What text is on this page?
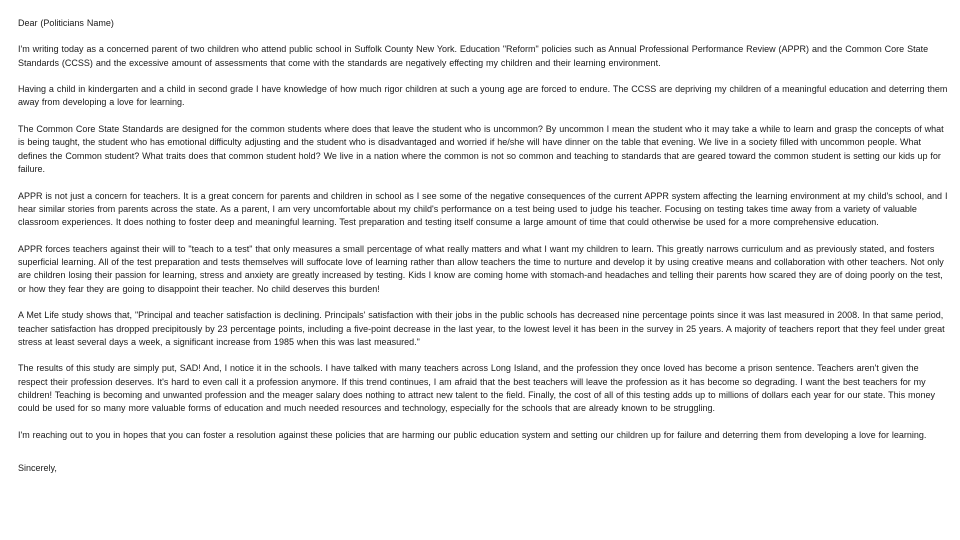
Dear (Politicians Name)

I'm writing today as a concerned parent of two children who attend public school in Suffolk County New York. Education "Reform" policies such as Annual Professional Performance Review (APPR) and the Common Core State Standards (CCSS) and the excessive amount of assessments that come with the standards are negatively effecting my children and their learning environment.

Having a child in kindergarten and a child in second grade I have knowledge of how much rigor children at such a young age are forced to endure. The CCSS are depriving my children of a meaningful education and deterring them away from developing a love for learning.

The Common Core State Standards are designed for the common students where does that leave the student who is uncommon? By uncommon I mean the student who it may take a while to learn and grasp the concepts of what is being taught, the student who has emotional difficulty adjusting and the student who is disadvantaged and worried if he/she will have dinner on the table that evening. We live in a society filled with uncommon people. What defines the Common student? What traits does that common student hold? We live in a nation where the common is not so common and teaching to standards that are geared toward the common student is setting our kids up for failure.

APPR is not just a concern for teachers. It is a great concern for parents and children in school as I see some of the negative consequences of the current APPR system affecting the learning environment at my child's school, and I hear similar stories from parents across the state. As a parent, I am very uncomfortable about my child's performance on a test being used to judge his teacher. Focusing on testing takes time away from a variety of valuable classroom experiences. It does nothing to foster deep and meaningful learning. Test preparation and testing itself consume a large amount of time that could otherwise be used for a more comprehensive education.

APPR forces teachers against their will to "teach to a test" that only measures a small percentage of what really matters and what I want my children to learn. This greatly narrows curriculum and as previously stated, and fosters superficial learning. All of the test preparation and tests themselves will suffocate love of learning rather than allow teachers the time to nurture and develop it by using creative means and collaboration with other teachers. Not only are children losing their passion for learning, stress and anxiety are greatly increased by testing. Kids I know are coming home with stomach-and headaches and telling their parents how scared they are of doing poorly on the test, or how they fear they are going to disappoint their teacher. No child deserves this burden!

A Met Life study shows that, "Principal and teacher satisfaction is declining. Principals' satisfaction with their jobs in the public schools has decreased nine percentage points since it was last measured in 2008. In that same period, teacher satisfaction has dropped precipitously by 23 percentage points, including a five-point decrease in the last year, to the lowest level it has been in the survey in 25 years. A majority of teachers report that they feel under great stress at least several days a week, a significant increase from 1985 when this was last measured."

The results of this study are simply put, SAD! And, I notice it in the schools. I have talked with many teachers across Long Island, and the profession they once loved has become a prison sentence. Teachers aren't given the respect their profession deserves. It's hard to even call it a profession anymore. If this trend continues, I am afraid that the best teachers will leave the profession as it has become so degrading. I want the best teachers for my children! Teaching is becoming and unwanted profession and the meager salary does nothing to attract new talent to the field. Finally, the cost of all of this testing adds up to millions of dollars each year for our state. This money could be used for so many more valuable forms of education and much needed resources and technology, especially for the schools that are already known to be struggling.

I'm reaching out to you in hopes that you can foster a resolution against these policies that are harming our public education system and setting our children up for failure and deterring them from developing a love for learning.

Sincerely,
